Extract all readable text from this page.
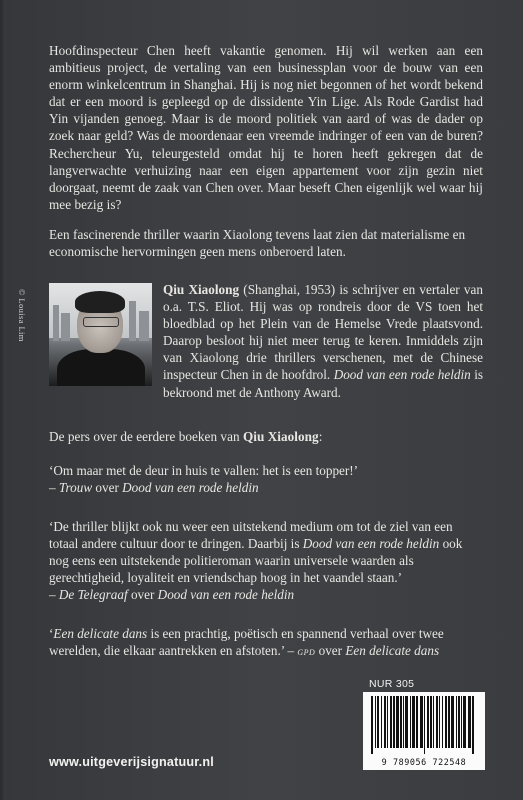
Hoofdinspecteur Chen heeft vakantie genomen. Hij wil werken aan een ambitieus project, de vertaling van een businessplan voor de bouw van een enorm winkelcentrum in Shanghai. Hij is nog niet begonnen of het wordt bekend dat er een moord is gepleegd op de dissidente Yin Lige. Als Rode Gardist had Yin vijanden genoeg. Maar is de moord politiek van aard of was de dader op zoek naar geld? Was de moordenaar een vreemde indringer of een van de buren? Rechercheur Yu, teleurgesteld omdat hij te horen heeft gekregen dat de langverwachte verhuizing naar een eigen appartement voor zijn gezin niet doorgaat, neemt de zaak van Chen over. Maar beseft Chen eigenlijk wel waar hij mee bezig is?

Een fascinerende thriller waarin Xiaolong tevens laat zien dat materialisme en economische hervormingen geen mens onberoerd laten.

© Louisa Lim	Qiu Xiaolong (Shanghai, 1953) is schrijver en vertaler van o.a. T.S. Eliot. Hij was op rondreis door de VS toen het bloedblad op het Plein van de Hemelse Vrede plaatsvond. Daarop besloot hij niet meer terug te keren. Inmiddels zijn van Xiaolong drie thrillers verschenen, met de Chinese inspecteur Chen in de hoofdrol. Dood van een rode heldin is bekroond met de Anthony Award.

De pers over de eerdere boeken van Qiu Xiaolong:

‘Om maar met de deur in huis te vallen: het is een topper!’
– Trouw over Dood van een rode heldin
‘De thriller blijkt ook nu weer een uitstekend medium om tot de ziel van een totaal andere cultuur door te dringen. Daarbij is Dood van een rode heldin ook nog eens een uitstekende politieroman waarin universele waarden als gerechtigheid, loyaliteit en vriendschap hoog in het vaandel staan.’
– De Telegraaf over Dood van een rode heldin
‘Een delicate dans is een prachtig, poëtisch en spannend verhaal over twee werelden, die elkaar aantrekken en afstoten.’ – gpd over Een delicate dans
NUR 305
9 789056 722548
www.uitgeverijsignatuur.nl
